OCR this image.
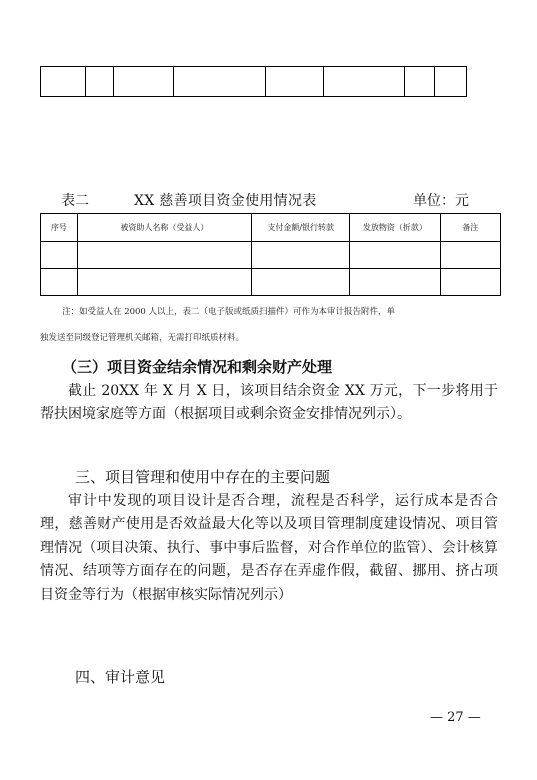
表二	XX 慈善项目资金使用情况表	单位：元
序号	被资助人名称（受益人）	支付金额/银行转款	发放物资（折款）	备注

注：如受益人在 2000 人以上，表二（电子版或纸质扫描件）可作为本审计报告附件，单
独发送至同级登记管理机关邮箱，无需打印纸质材料。
（三）项目资金结余情况和剩余财产处理
截止 20XX 年 X 月 X 日，该项目结余资金 XX 万元，下一步将用于帮扶困境家庭等方面（根据项目或剩余资金安排情况列示）。
三、项目管理和使用中存在的主要问题
审计中发现的项目设计是否合理，流程是否科学，运行成本是否合理，慈善财产使用是否效益最大化等以及项目管理制度建设情况、项目管理情况（项目决策、执行、事中事后监督，对合作单位的监管）、会计核算情况、结项等方面存在的问题，是否存在弄虚作假，截留、挪用、挤占项目资金等行为（根据审核实际情况列示）
四、审计意见
— 27 —
